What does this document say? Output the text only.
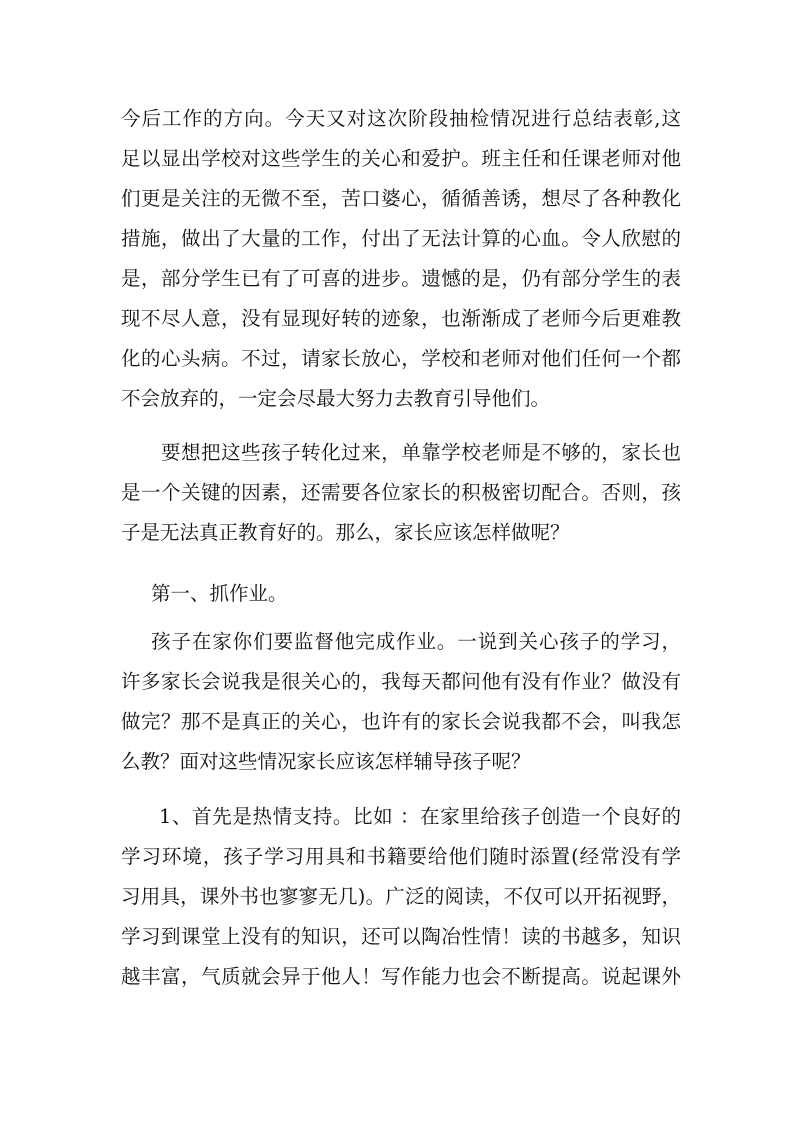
今后工作的方向。今天又对这次阶段抽检情况进行总结表彰,这
足以显出学校对这些学生的关心和爱护。班主任和任课老师对他
们更是关注的无微不至，苦口婆心，循循善诱，想尽了各种教化
措施，做出了大量的工作，付出了无法计算的心血。令人欣慰的
是，部分学生已有了可喜的进步。遗憾的是，仍有部分学生的表
现不尽人意，没有显现好转的迹象，也渐渐成了老师今后更难教
化的心头病。不过，请家长放心，学校和老师对他们任何一个都
不会放弃的，一定会尽最大努力去教育引导他们。
要想把这些孩子转化过来，单靠学校老师是不够的，家长也
是一个关键的因素，还需要各位家长的积极密切配合。否则，孩
子是无法真正教育好的。那么，家长应该怎样做呢？
第一、抓作业。
孩子在家你们要监督他完成作业。一说到关心孩子的学习，
许多家长会说我是很关心的，我每天都问他有没有作业？做没有
做完？那不是真正的关心，也许有的家长会说我都不会，叫我怎
么教？面对这些情况家长应该怎样辅导孩子呢？
1、首先是热情支持。比如 ：在家里给孩子创造一个良好的
学习环境，孩子学习用具和书籍要给他们随时添置(经常没有学
习用具，课外书也寥寥无几)。广泛的阅读，不仅可以开拓视野，
学习到课堂上没有的知识，还可以陶冶性情！读的书越多，知识
越丰富，气质就会异于他人！写作能力也会不断提高。说起课外
